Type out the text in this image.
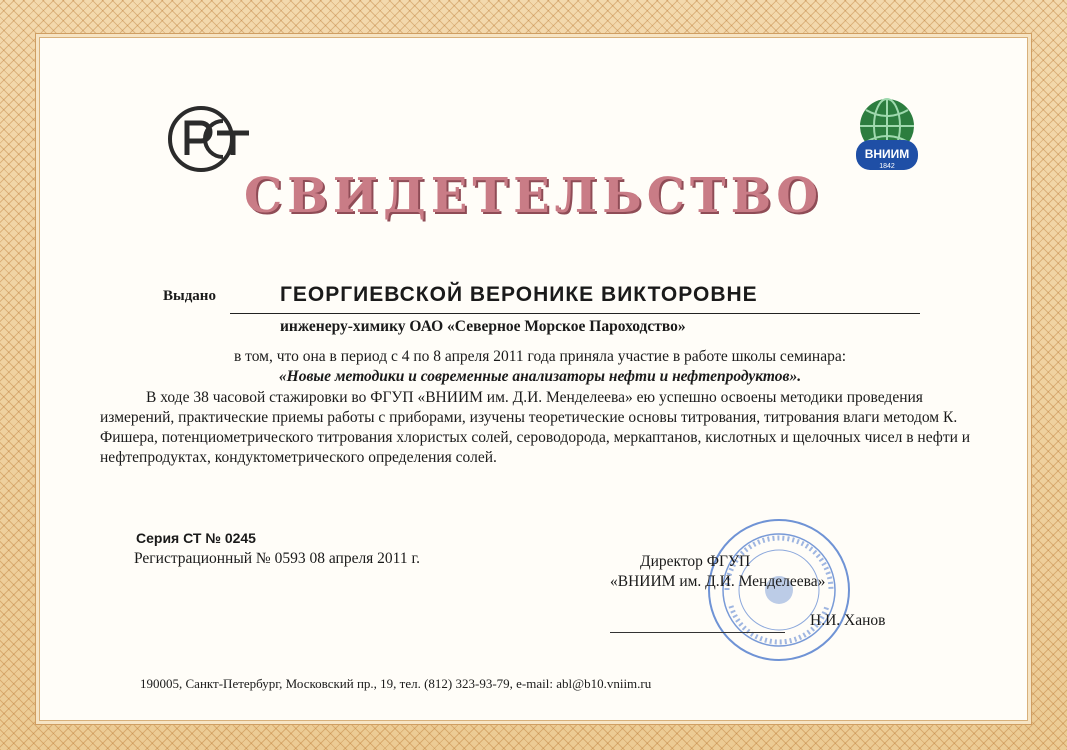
ВНИИМ
1842
СВИДЕТЕЛЬСТВО
Выдано	ГЕОРГИЕВСКОЙ ВЕРОНИКЕ ВИКТОРОВНЕ
инженеру-химику ОАО «Северное Морское Пароходство»
в том, что она в период с 4 по 8 апреля 2011 года приняла участие в работе школы семинара:
«Новые методики и современные анализаторы нефти и нефтепродуктов».
В ходе 38 часовой стажировки во ФГУП «ВНИИМ им. Д.И. Менделеева» ею успешно освоены методики проведения измерений, практические приемы работы с приборами, изучены теоретические основы титрования, титрования влаги методом К. Фишера, потенциометрического титрования хлористых солей, сероводорода, меркаптанов, кислотных и щелочных чисел в нефти и нефтепродуктах, кондуктометрического определения солей.
Серия СТ № 0245
Регистрационный № 0593 08 апреля 2011 г.	Директор ФГУП
«ВНИИМ им. Д.И. Менделеева»
Н.И. Ханов
190005, Санкт-Петербург, Московский пр., 19, тел. (812) 323-93-79, e-mail: abl@b10.vniim.ru
